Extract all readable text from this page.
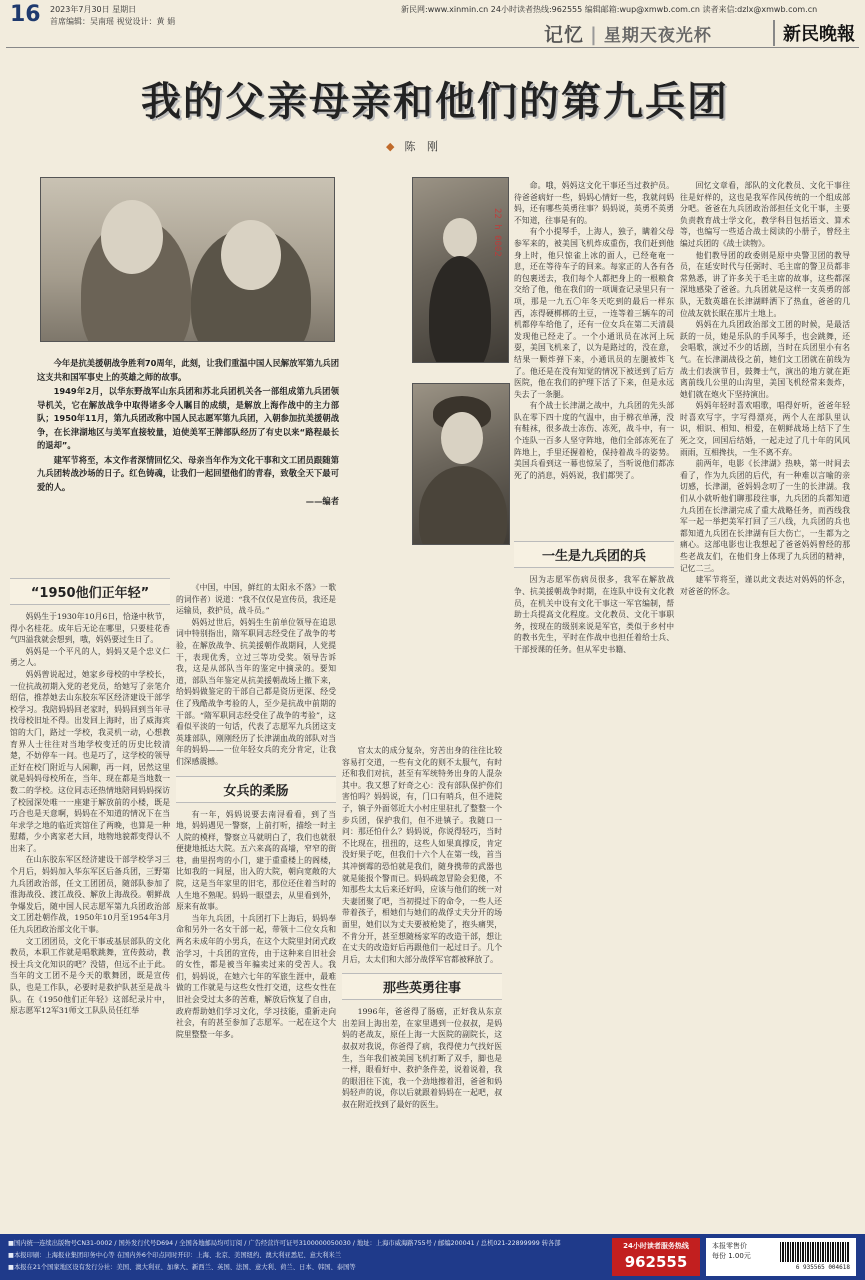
16 2023年7月30日 星期日
首席编辑：吴南瑶 视觉设计：黄 娟
新民网:www.xinmin.cn 24小时读者热线:962555 编辑邮箱:wup@xmwb.com.cn 读者来信:dzlx@xmwb.com.cn
记忆 | 星期天夜光杯	新民晚報
我的父亲母亲和他们的第九兵团
◆ 陈 刚
22 h 0002

今年是抗美援朝战争胜利70周年，此刻，让我们重温中国人民解放军第九兵团这支共和国军事史上的英雄之师的故事。

1949年2月，以华东野战军山东兵团和苏北兵团机关各一部组成第九兵团领导机关，它在解放战争中取得诸多令人瞩目的成绩，是解放上海作战中的主力部队；1950年11月，第九兵团改称中国人民志愿军第九兵团，入朝参加抗美援朝战争，在长津湖地区与美军直接较量，迫使美军王牌部队经历了有史以来“路程最长的退却”。

建军节将至，本文作者深情回忆父、母亲当年作为文化干事和文工团员跟随第九兵团转战沙场的日子。红色铸魂，让我们一起回望他们的青春，致敬全天下最可爱的人。

——编者

“1950他们正年轻”

妈妈生于1930年10月6日，恰逢中秋节，得小名桂花。成年后无论在哪里，只要桂花香气四溢我就会想到，哦，妈妈要过生日了。

妈妈是一个平凡的人，妈妈又是个忠义仁勇之人。

妈妈曾说起过，她家乡母校的中学校长，一位抗战初期入党的老党员，给她写了亲笔介绍信，推荐她去山东胶东军区经济建设干部学校学习。我陪妈妈回老家时，妈妈回到当年寻找母校旧址不得。出发回上海时，出了威海宾馆的大门，路过一学校，我灵机一动，心想教育界人士往往对当地学校变迁的历史比较清楚，不妨停车一问。也是巧了，这学校的领导正好在校门附近与人闲聊，再一问，居然这里就是妈妈母校所在，当年、现在都是当地数一数二的学校。这位同志还热情地陪同妈妈探访了校园深处唯一一座建于解放前的小楼，既是巧合也是天意啊，妈妈在不知道的情况下在当年求学之地的临近宾馆住了两晚，也算是一种慰藉，少小离家老大回，地物地貌都变得认不出来了。

在山东胶东军区经济建设干部学校学习三个月后，妈妈加入华东军区后备兵团，三野第九兵团政治部，任文工团团员，随部队参加了淮海战役、渡江战役、解放上海战役。朝鲜战争爆发后，随中国人民志愿军第九兵团政治部文工团赴朝作战，1950年10月至1954年3月任九兵团政治部文化干事。

文工团团员，文化干事或基层部队的文化教员，本职工作就是唱歌跳舞，宣传鼓动，教授士兵文化知识的吧？没错，但远不止于此。当年的文工团不是今天的歌舞团，既是宣传队，也是工作队，必要时是救护队甚至是战斗队。在《1950他们正年轻》这部纪录片中，原志愿军12军31师文工队队员任红举

《中国，中国，鲜红的太阳永不落》一歌的词作者）说道：“我不仅仅是宣传员，我还是运输员，救护员，战斗员。”

妈妈过世后，妈妈生生前单位领导在追思词中特别指出，隋军职同志经受住了战争的考验，在解放战争、抗美援朝作战期间，人党提干，表现优秀，立过三等功受奖。领导告诉我，这是从部队当年的鉴定中摘录的。要知道，部队当年鉴定从抗美援朝战场上撤下来，给妈妈做鉴定的干部自己都是资历更深、经受住了残酷战争考验的人，至少是抗战中前期的干部。“隋军职同志经受住了战争的考验”，这看似平淡的一句话，代表了志愿军九兵团这支英雄部队，刚刚经历了长津湖血战的部队对当年的妈妈——一位年轻女兵的充分肯定，让我们深感震撼。

女兵的柔肠

有一年，妈妈说要去南浔看看，到了当地，妈妈遇见一警察，上前打听，描绘一时主人院的模样，警察立马就明白了，我们也就很便捷地抵达大院。五六来高的高墙，窄窄的街巷，曲里拐弯的小门，建于重重楼上的阁楼，比如我的一间屋，出入的大院，朝向宽敞的大院，这是当年家里的旧宅，那位还住着当时的人生地不熟呢。妈妈一眼望去，从里看到外，原来有故事。

当年九兵团，十兵团打下上海后，妈妈奉命和另外一名女干部一起，带领十二位女兵和两名未成年的小男兵，在这个大院里封闭式政治学习，十兵团的宣传，由于这种来自旧社会的女性，都是被当年骗卖过来的受苦人。我们，妈妈说，在她六七年的军旅生涯中，最难做的工作就是与这些女性打交道，这些女性在旧社会受过太多的苦难，解放后恢复了自由，政府帮助她们学习文化，学习技能，重新走向社会，有的甚至参加了志愿军。一起在这个大院里整整一年多。

官太太的成分复杂，穷苦出身的往往比较容易打交道，一些有文化的则不太服气，有时还和我们对抗，甚至有军统特务出身的人混杂其中。我又想了好奇之心：没有部队保护你们害怕吗？妈妈说，有，门口有哨兵，但不进院子，镇子外面邻近大小村庄里驻扎了整整一个步兵团，保护我们，但不进镇子。我随口一问：那还怕什么？妈妈说，你说得轻巧，当时不比现在，扭扭的，这些人如果真撑反，肯定没好果子吃，但我们十六个人在第一线，首当其冲倒霉的恐怕就是我们，随身携带的武器也就是能报个警而已。妈妈疏忽冒险会犯傻，不知那些太太后来还好吗，应该与他们的统一对夫妻团聚了吧，当初提过下的命令，一些人还带着孩子，相她们与她们的战俘丈夫分开的场面里，她们以为丈夫要被枪毙了，抱头痛哭，不肯分开，甚至想随杨家军的改造干部，想让在丈夫的改造好后再跟他们一起过日子。几个月后，太太们和大部分战俘军官都被释放了。

那些英勇往事

1996年，爸爸得了肠癌，正好我从东京出差回上海出差，在家里遇到一位叔叔，是妈妈的老战友，原任上海一大医院的副院长，这叔叔对我说，你爸得了病，我得使力气找好医生，当年我们被美国飞机打断了双手，脚也是一样，眼看好中、救护条件差，说着说着，我的眼泪往下流，我一个劲地擦着泪，爸爸和妈妈轻声的说，你以后就跟着妈妈在一起吧，叔叔在附近找到了最好的医生。

命。哦，妈妈这文化干事还当过救护员。待爸爸病好一些，妈妈心情好一些，我就问妈妈，还有哪些英勇往事？妈妈说，英勇不英勇不知道，往事是有的。

有个小提琴手，上海人，独子，瞒着父母参军来的，被美国飞机炸成重伤，我们赶到他身上时，他只惊雀上冰的面人，已经奄奄一息，还在等待车子的回来。每家正的人各有各的包裹送去，我们每个人都把身上的一根粮食交给了他，他在我们的一项调查记录里只有一项，那是一九五〇年冬天吃到的最后一样东西，冻得硬梆梆的土豆，一连等着三辆车的司机都停车给他了，还有一位女兵在第二天清晨发现他已经走了。一个小通讯员在冰河上玩耍，美国飞机来了，以为是路过的，没在意，结果一颗炸弹下来，小通讯员的左腿被炸飞了。他还是在没有知觉的情况下被送到了后方医院，他在我们的护理下活了下来，但是永远失去了一条腿。

有个战士长津湖之战中，九兵团的先头部队在零下四十度的气温中，由于棉衣单薄，没有鞋袜，很多战士冻伤、冻死，战斗中，有一个连队一百多人坚守阵地，他们全部冻死在了阵地上，手里还握着枪，保持着战斗的姿势。美国兵看到这一幕也惊呆了，当听说他们都冻死了的消息，妈妈说，我们都哭了。

一生是九兵团的兵

因为志愿军伤病员很多，我军在解放战争、抗美援朝战争时期，在连队中设有文化教员，在机关中设有文化干事这一军官编制，帮助士兵提高文化程度。文化教员、文化干事职务，按现在的级别来说是军官，类似于乡村中的教书先生，平时在作战中也担任着给士兵、干部授课的任务。但从军史书籍、

回忆文章看，部队的文化教员、文化干事往往是好样的，这也是我军作风传统的一个组成部分吧。爸爸在九兵团政治部担任文化干事，主要负责教育战士学文化，教学科目包括语文、算术等，也编写一些适合战士阅读的小册子，曾经主编过兵团的《战士读物》。

他们教导团的政委则是原中央警卫团的教导员，在延安时代与任弼时、毛主席的警卫员都非常熟悉，讲了许多关于毛主席的故事，这些都深深地感染了爸爸。九兵团就是这样一支英勇的部队，无数英雄在长津湖畔洒下了热血，爸爸的几位战友就长眠在那片土地上。

妈妈在九兵团政治部文工团的时候，是最活跃的一员，她是乐队的手风琴手，也会跳舞，还会唱歌，演过不少的话剧，当时在兵团里小有名气。在长津湖战役之前，她们文工团就在前线为战士们表演节目，鼓舞士气，演出的地方就在距离前线几公里的山沟里，美国飞机经常来轰炸，她们就在炮火下坚持演出。

妈妈年轻时喜欢唱歌，唱得好听，爸爸年轻时喜欢写字，字写得漂亮，两个人在部队里认识，相识、相知、相爱，在朝鲜战场上结下了生死之交，回国后结婚，一起走过了几十年的风风雨雨，互相搀扶，一生不离不弃。

前两年，电影《长津湖》热映，第一时间去看了，作为九兵团的后代，有一种难以言喻的亲切感，长津湖，爸妈妈念叨了一生的长津湖。我们从小就听他们聊那段往事，九兵团的兵都知道九兵团在长津湖完成了重大战略任务，而西线我军一起一举把美军打回了三八线，九兵团的兵也都知道九兵团在长津湖有巨大伤亡，一生都为之痛心。这部电影也让我想起了爸爸妈妈曾经的那些老战友们，在他们身上体现了九兵团的精神，记忆二三。

建军节将至，谨以此文表达对妈妈的怀念，对爸爸的怀念。

■国内统一连续出版物号CN31-0002 / 国外发行代号D694 / 全国各地邮局均可订阅 / 广告经营许可证号3100000050030 / 地址：上海市威海路755号 / 邮编200041 / 总机021-22899999 转各部
■本报印刷：上海报业集团印务中心等 在国内外6个印点同时开印：上海、北京、美国纽约、澳大利亚悉尼、意大利米兰
■本报在21个国家地区设有发行分社：美国、澳大利亚、加拿大、新西兰、英国、法国、意大利、荷兰、日本、韩国、泰国等
24小时读者服务热线
962555
本报零售价
每份 1.00元
6 935565 004618
